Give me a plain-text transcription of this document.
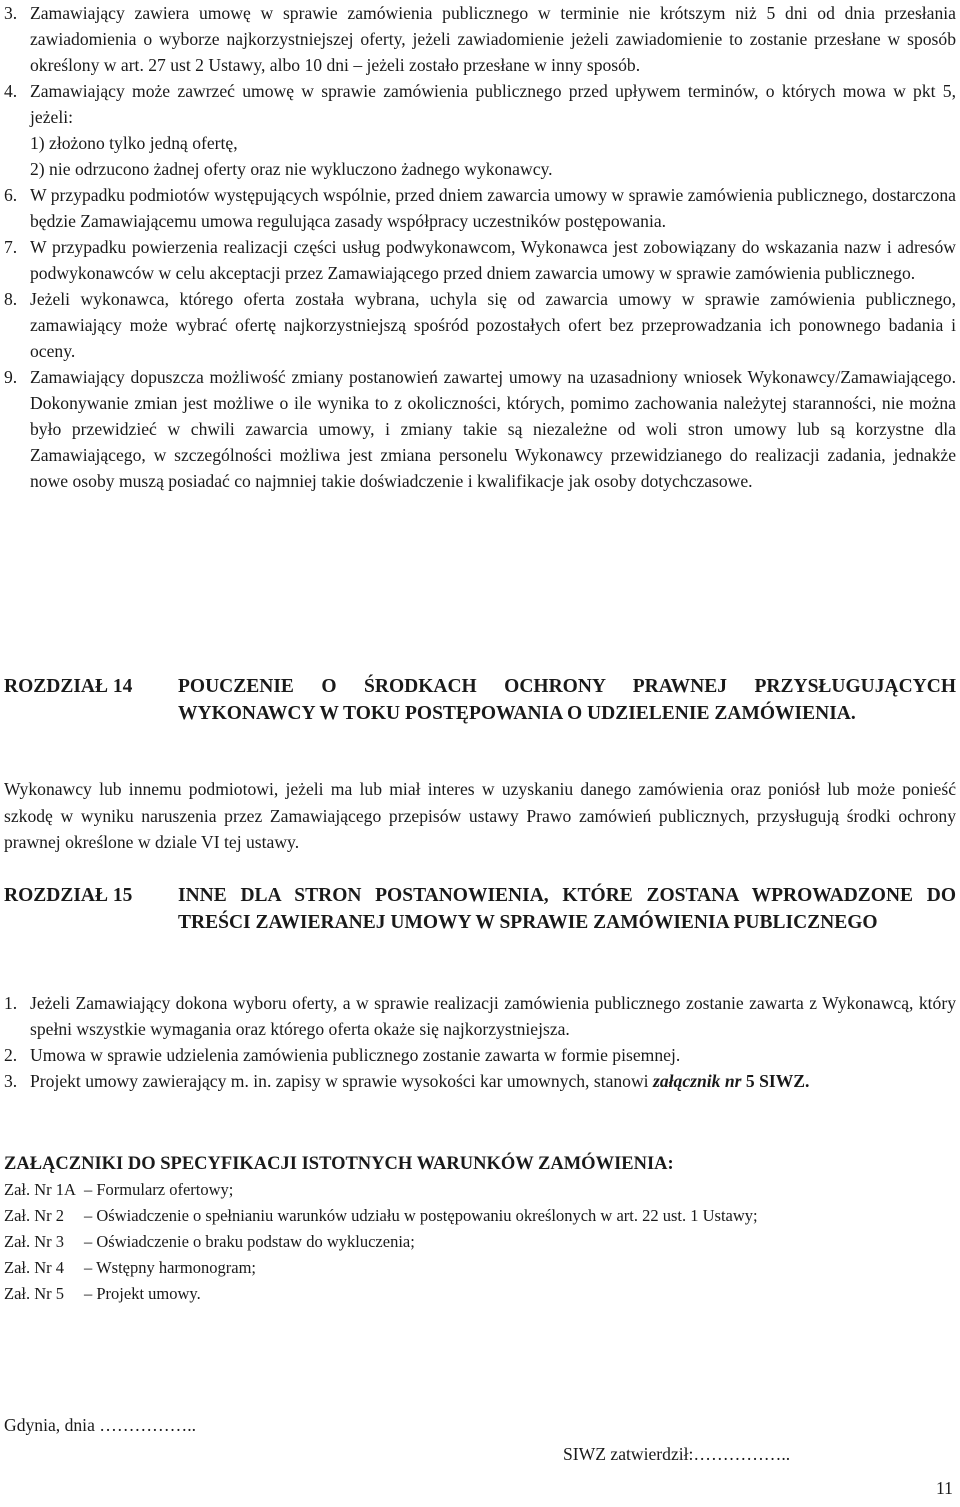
3. Zamawiający zawiera umowę w sprawie zamówienia publicznego w terminie nie krótszym niż 5 dni od dnia przesłania zawiadomienia o wyborze najkorzystniejszej oferty, jeżeli zawiadomienie jeżeli zawiadomienie to zostanie przesłane w sposób określony w art. 27 ust 2 Ustawy, albo 10 dni – jeżeli zostało przesłane w inny sposób.
4. Zamawiający może zawrzeć umowę w sprawie zamówienia publicznego przed upływem terminów, o których mowa w pkt 5, jeżeli:
1) złożono tylko jedną ofertę,
2) nie odrzucono żadnej oferty oraz nie wykluczono żadnego wykonawcy.
6. W przypadku podmiotów występujących wspólnie, przed dniem zawarcia umowy w sprawie zamówienia publicznego, dostarczona będzie Zamawiającemu umowa regulująca zasady współpracy uczestników postępowania.
7. W przypadku powierzenia realizacji części usług podwykonawcom, Wykonawca jest zobowiązany do wskazania nazw i adresów podwykonawców w celu akceptacji przez Zamawiającego przed dniem zawarcia umowy w sprawie zamówienia publicznego.
8. Jeżeli wykonawca, którego oferta została wybrana, uchyla się od zawarcia umowy w sprawie zamówienia publicznego, zamawiający może wybrać ofertę najkorzystniejszą spośród pozostałych ofert bez przeprowadzania ich ponownego badania i oceny.
9. Zamawiający dopuszcza możliwość zmiany postanowień zawartej umowy na uzasadniony wniosek Wykonawcy/Zamawiającego. Dokonywanie zmian jest możliwe o ile wynika to z okoliczności, których, pomimo zachowania należytej staranności, nie można było przewidzieć w chwili zawarcia umowy, i zmiany takie są niezależne od woli stron umowy lub są korzystne dla Zamawiającego, w szczególności możliwa jest zmiana personelu Wykonawcy przewidzianego do realizacji zadania, jednakże nowe osoby muszą posiadać co najmniej takie doświadczenie i kwalifikacje jak osoby dotychczasowe.
ROZDZIAŁ 14	POUCZENIE O ŚRODKACH OCHRONY PRAWNEJ PRZYSŁUGUJĄCYCH WYKONAWCY W TOKU POSTĘPOWANIA O UDZIELENIE ZAMÓWIENIA.
Wykonawcy lub innemu podmiotowi, jeżeli ma lub miał interes w uzyskaniu danego zamówienia oraz poniósł lub może ponieść szkodę w wyniku naruszenia przez Zamawiającego przepisów ustawy Prawo zamówień publicznych, przysługują środki ochrony prawnej określone w dziale VI tej ustawy.
ROZDZIAŁ 15	INNE DLA STRON POSTANOWIENIA, KTÓRE ZOSTANA WPROWADZONE DO TREŚCI ZAWIERANEJ UMOWY W SPRAWIE ZAMÓWIENIA PUBLICZNEGO
1. Jeżeli Zamawiający dokona wyboru oferty, a w sprawie realizacji zamówienia publicznego zostanie zawarta z Wykonawcą, który spełni wszystkie wymagania oraz którego oferta okaże się najkorzystniejsza.
2. Umowa w sprawie udzielenia zamówienia publicznego zostanie zawarta w formie pisemnej.
3. Projekt umowy zawierający m. in. zapisy w sprawie wysokości kar umownych, stanowi załącznik nr 5 SIWZ.
ZAŁĄCZNIKI DO SPECYFIKACJI ISTOTNYCH WARUNKÓW ZAMÓWIENIA:
Zał. Nr 1A – Formularz ofertowy;
Zał. Nr 2	– Oświadczenie o spełnianiu warunków udziału w postępowaniu określonych w art. 22 ust. 1 Ustawy;
Zał. Nr 3	– Oświadczenie o braku podstaw do wykluczenia;
Zał. Nr 4	– Wstępny harmonogram;
Zał. Nr 5	– Projekt umowy.
Gdynia, dnia ……………..
SIWZ zatwierdził:……………..
11
